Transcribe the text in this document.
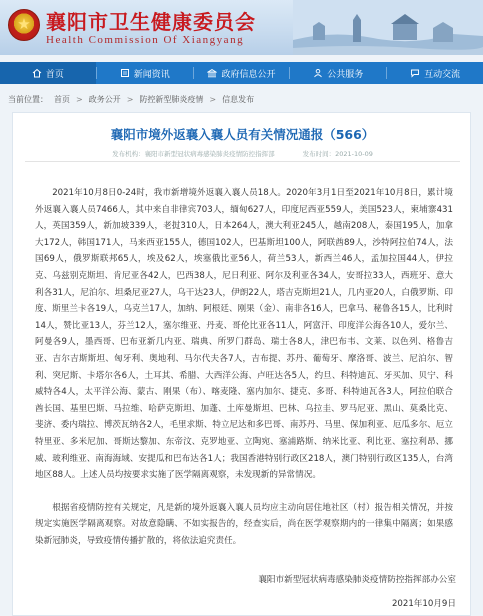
★
襄阳市卫生健康委员会
Health Commission Of Xiangyang
首页	新闻资讯	政府信息公开	公共服务	互动交流
当前位置： 首页 > 政务公开 > 防控新型肺炎疫情 > 信息发布
襄阳市境外返襄入襄人员有关情况通报（566）
发布机构：襄阳市新型冠状病毒感染肺炎疫情防控指挥部	发布时间：2021-10-09

2021年10月8日0-24时，我市新增境外返襄入襄人员18人。2020年3月1日至2021年10月8日，累计境外返襄入襄人员7466人，其中来自非律宾703人，缅甸627人，印度尼西亚559人，美国523人，柬埔寨431人，英国359人，新加坡339人，老挝310人，日本264人，澳大利亚245人，越南208人，泰国195人，加拿大172人，韩国171人，马来西亚155人，德国102人，巴基斯坦100人，阿联酋89人，沙特阿拉伯74人，法国69人，俄罗斯联邦65人，埃及62人，埃塞俄比亚56人，荷兰53人，新西兰46人，孟加拉国44人，伊拉克、乌兹别克斯坦、肯尼亚各42人，巴西38人，尼日利亚、阿尔及利亚各34人，安哥拉33人，西班牙、意大利各31人，尼泊尔、坦桑尼亚27人，乌干达23人，伊朗22人，塔吉克斯坦21人，几内亚20人，白俄罗斯、印度、斯里兰卡各19人，乌克兰17人，加纳、阿根廷、刚果（金）、南非各16人，巴拿马、秘鲁各15人，比利时14人，赞比亚13人，芬兰12人，塞尔维亚、丹麦、哥伦比亚各11人，阿富汗、印度洋公海各10人，爱尔兰、阿曼各9人，墨西哥、巴布亚新几内亚、瑞典、所罗门群岛、瑞士各8人，津巴布韦、文莱、以色列、格鲁吉亚、吉尔吉斯斯坦、匈牙利、奥地利、马尔代夫各7人，吉布提、苏丹、葡萄牙、摩洛哥、波兰、尼泊尔、智利、突尼斯、卡塔尔各6人，土耳其、希腊、大西洋公海、卢旺达各5人，约旦、科特迪瓦、牙买加、贝宁、科威特各4人，太平洋公海、蒙古、刚果（布）、喀麦隆、塞内加尔、捷克、多哥、科特迪瓦各3人，阿拉伯联合酋长国、基里巴斯、马拉维、哈萨克斯坦、加蓬、土库曼斯坦、巴林、乌拉圭、罗马尼亚、黑山、莫桑比克、斐济、委内瑞拉、博茨瓦纳各2人，毛里求斯、特立尼达和多巴哥、南苏丹、马里、保加利亚、厄瓜多尔、厄立特里亚、多米尼加、哥斯达黎加、东帝汶、克罗地亚、立陶宛、塞浦路斯、纳米比亚、利比亚、塞拉利昂、挪威、玻利维亚、南海海域、安提瓜和巴布达各1人；我国香港特别行政区218人，澳门特别行政区135人，台湾地区88人。上述人员均按要求实施了医学隔离观察，未发现新的异常情况。

根据省疫情防控有关规定，凡是新的境外返襄入襄人员均应主动向居住地社区（村）报告相关情况，并按规定实施医学隔离观察。对故意隐瞒、不如实报告的，经查实后，尚在医学观察期内的一律集中隔离；如果感染新冠肺炎，导致疫情传播扩散的，将依法追究责任。

襄阳市新型冠状病毒感染肺炎疫情防控指挥部办公室
2021年10月9日
